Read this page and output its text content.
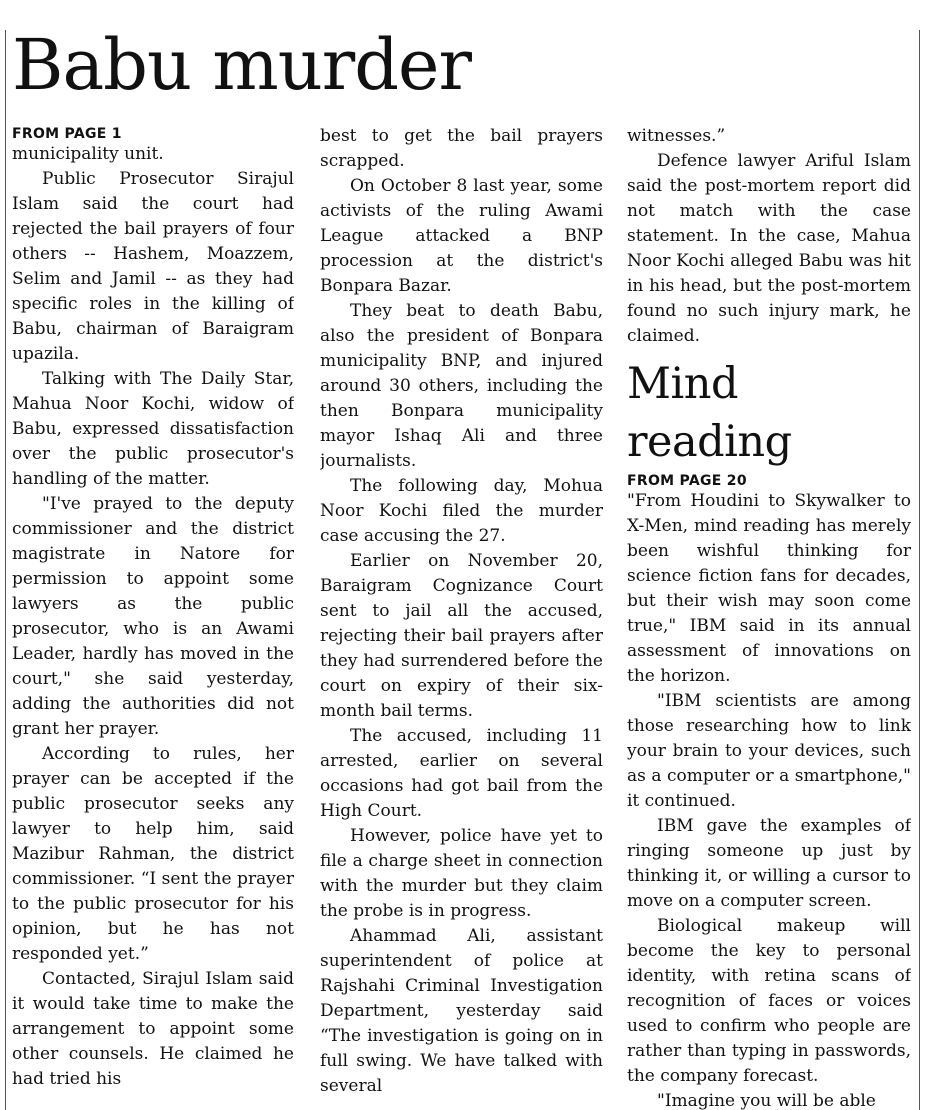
Babu murder
FROM PAGE 1

municipality unit.

Public Prosecutor Sirajul Islam said the court had rejected the bail prayers of four others -- Hashem, Moazzem, Selim and Jamil -- as they had specific roles in the killing of Babu, chairman of Baraigram upazila.

Talking with The Daily Star, Mahua Noor Kochi, widow of Babu, expressed dissatisfaction over the public prosecutor's handling of the matter.

"I've prayed to the deputy commissioner and the district magistrate in Natore for permission to appoint some lawyers as the public prosecutor, who is an Awami Leader, hardly has moved in the court," she said yesterday, adding the authorities did not grant her prayer.

According to rules, her prayer can be accepted if the public prosecutor seeks any lawyer to help him, said Mazibur Rahman, the district commissioner. “I sent the prayer to the public prosecutor for his opinion, but he has not responded yet.”

Contacted, Sirajul Islam said it would take time to make the arrangement to appoint some other counsels. He claimed he had tried his

best to get the bail prayers scrapped.

On October 8 last year, some activists of the ruling Awami League attacked a BNP procession at the district's Bonpara Bazar.

They beat to death Babu, also the president of Bonpara municipality BNP, and injured around 30 others, including the then Bonpara municipality mayor Ishaq Ali and three journalists.

The following day, Mohua Noor Kochi filed the murder case accusing the 27.

Earlier on November 20, Baraigram Cognizance Court sent to jail all the accused, rejecting their bail prayers after they had surrendered before the court on expiry of their six-month bail terms.

The accused, including 11 arrested, earlier on several occasions had got bail from the High Court.

However, police have yet to file a charge sheet in connection with the murder but they claim the probe is in progress.

Ahammad Ali, assistant superintendent of police at Rajshahi Criminal Investigation Department, yesterday said “The investigation is going on in full swing. We have talked with several

witnesses.”

Defence lawyer Ariful Islam said the post-mortem report did not match with the case statement. In the case, Mahua Noor Kochi alleged Babu was hit in his head, but the post-mortem found no such injury mark, he claimed.

Mind reading
FROM PAGE 20

"From Houdini to Skywalker to X-Men, mind reading has merely been wishful thinking for science fiction fans for decades, but their wish may soon come true," IBM said in its annual assessment of innovations on the horizon.

"IBM scientists are among those researching how to link your brain to your devices, such as a computer or a smartphone," it continued.

IBM gave the examples of ringing someone up just by thinking it, or willing a cursor to move on a computer screen.

Biological makeup will become the key to personal identity, with retina scans of recognition of faces or voices used to confirm who people are rather than typing in passwords, the company forecast.

"Imagine you will be able
